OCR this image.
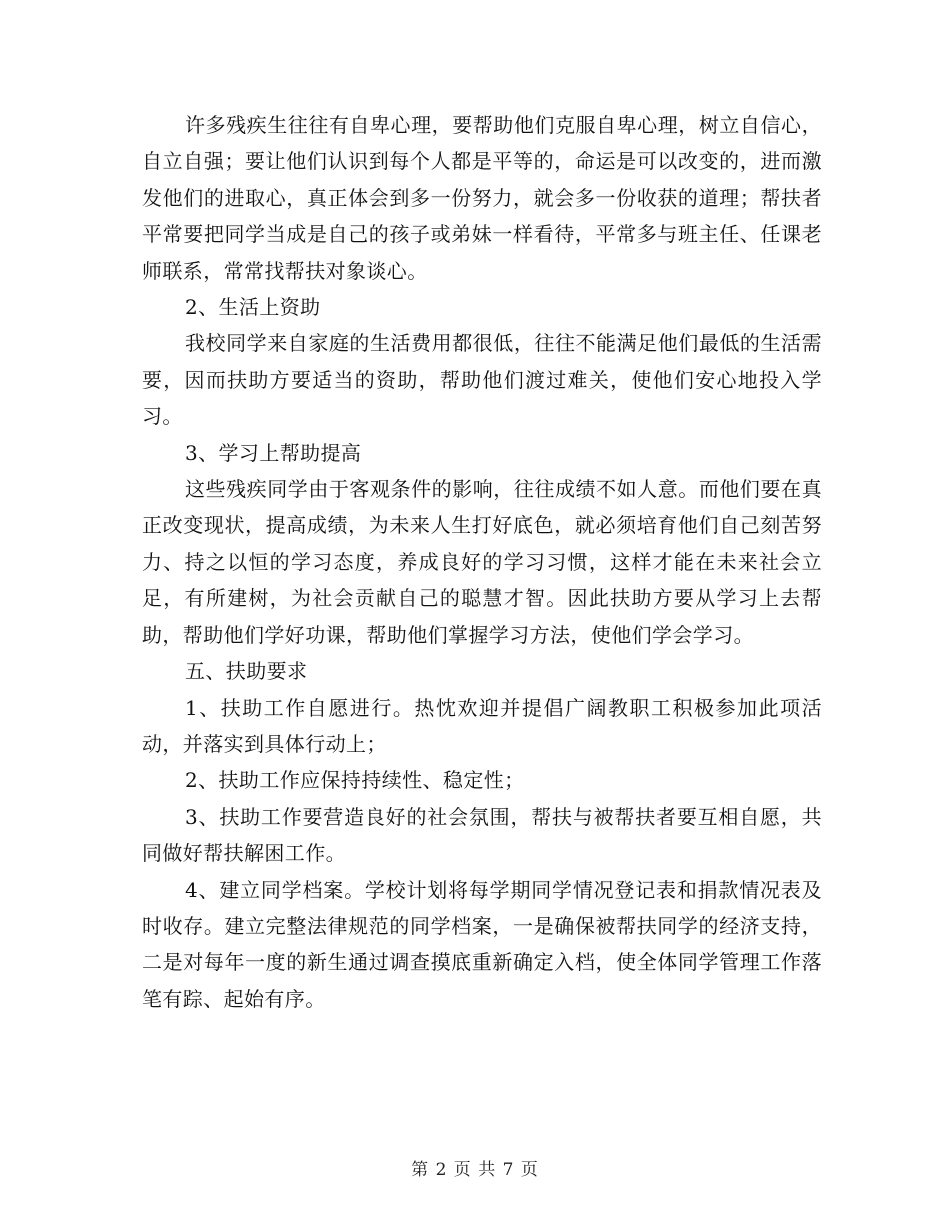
许多残疾生往往有自卑心理，要帮助他们克服自卑心理，树立自信心，自立自强；要让他们认识到每个人都是平等的，命运是可以改变的，进而激发他们的进取心，真正体会到多一份努力，就会多一份收获的道理；帮扶者平常要把同学当成是自己的孩子或弟妹一样看待，平常多与班主任、任课老师联系，常常找帮扶对象谈心。

2、生活上资助

我校同学来自家庭的生活费用都很低，往往不能满足他们最低的生活需要，因而扶助方要适当的资助，帮助他们渡过难关，使他们安心地投入学习。

3、学习上帮助提高

这些残疾同学由于客观条件的影响，往往成绩不如人意。而他们要在真正改变现状，提高成绩，为未来人生打好底色，就必须培育他们自己刻苦努力、持之以恒的学习态度，养成良好的学习习惯，这样才能在未来社会立足，有所建树，为社会贡献自己的聪慧才智。因此扶助方要从学习上去帮助，帮助他们学好功课，帮助他们掌握学习方法，使他们学会学习。

五、扶助要求

1、扶助工作自愿进行。热忱欢迎并提倡广阔教职工积极参加此项活动，并落实到具体行动上；

2、扶助工作应保持持续性、稳定性；

3、扶助工作要营造良好的社会氛围，帮扶与被帮扶者要互相自愿，共同做好帮扶解困工作。

4、建立同学档案。学校计划将每学期同学情况登记表和捐款情况表及时收存。建立完整法律规范的同学档案，一是确保被帮扶同学的经济支持，二是对每年一度的新生通过调查摸底重新确定入档，使全体同学管理工作落笔有踪、起始有序。

第 2 页 共 7 页
